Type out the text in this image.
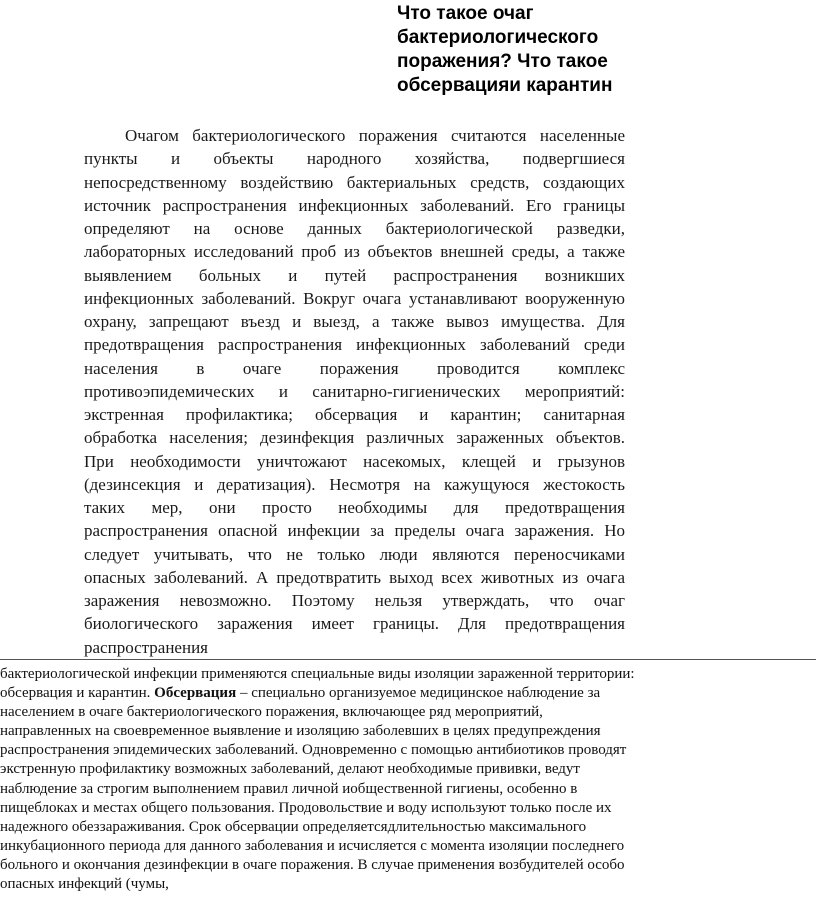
Что такое очаг
бактериологического
поражения? Что такое
обсервацияи карантин
Очагом бактериологического поражения считаются населенные
пункты и объекты народного хозяйства, подвергшиеся
непосредственному воздействию бактериальных средств, создающих
источник распространения инфекционных заболеваний. Его границы
определяют на основе данных бактериологической разведки,
лабораторных исследований проб из объектов внешней среды, а также
выявлением больных и путей распространения возникших
инфекционных заболеваний. Вокруг очага устанавливают вооруженную
охрану, запрещают въезд и выезд, а также вывоз имущества. Для
предотвращения распространения инфекционных заболеваний среди
населения в очаге поражения проводится комплекс
противоэпидемических и санитарно-гигиенических мероприятий:
экстренная профилактика; обсервация и карантин; санитарная
обработка населения; дезинфекция различных зараженных объектов.
При необходимости уничтожают насекомых, клещей и грызунов
(дезинсекция и дератизация). Несмотря на кажущуюся жестокость
таких мер, они просто необходимы для предотвращения
распространения опасной инфекции за пределы очага заражения. Но
следует учитывать, что не только люди являются переносчиками
опасных заболеваний. А предотвратить выход всех животных из очага
заражения невозможно. Поэтому нельзя утверждать, что очаг
биологического заражения имеет границы. Для предотвращения
распространения
бактериологической инфекции применяются специальные виды изоляции зараженной территории:
обсервация и карантин. Обсервация – специально организуемое медицинское наблюдение за
населением в очаге бактериологического поражения, включающее ряд мероприятий,
направленных на своевременное выявление и изоляцию заболевших в целях предупреждения
распространения эпидемических заболеваний. Одновременно с помощью антибиотиков проводят
экстренную профилактику возможных заболеваний, делают необходимые прививки, ведут
наблюдение за строгим выполнением правил личной иобщественной гигиены, особенно в
пищеблоках и местах общего пользования. Продовольствие и воду используют только после их
надежного обеззараживания. Срок обсервации определяетсядлительностью максимального
инкубационного периода для данного заболевания и исчисляется с момента изоляции последнего
больного и окончания дезинфекции в очаге поражения. В случае применения возбудителей особо
опасных инфекций (чумы,
